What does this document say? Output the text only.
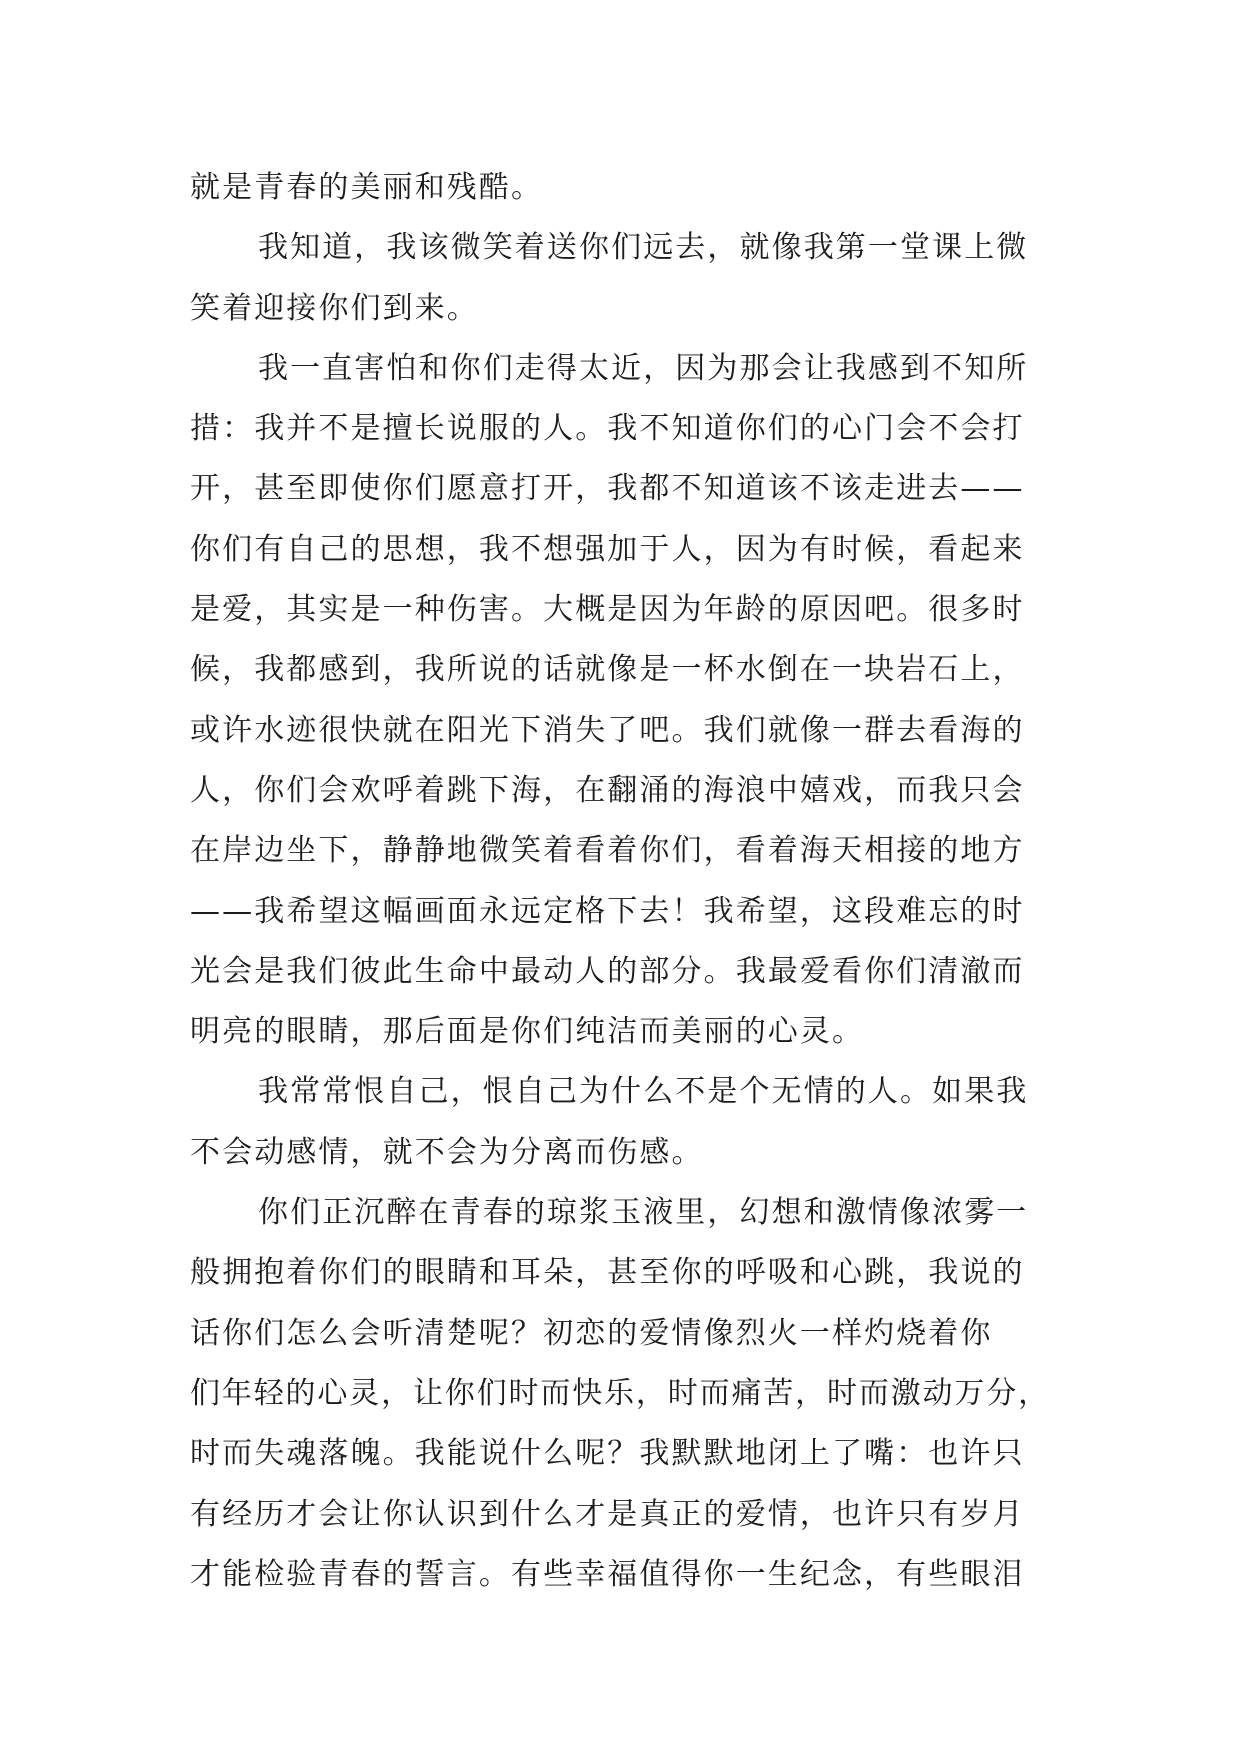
就是青春的美丽和残酷。
我知道，我该微笑着送你们远去，就像我第一堂课上微
笑着迎接你们到来。
我一直害怕和你们走得太近，因为那会让我感到不知所
措：我并不是擅长说服的人。我不知道你们的心门会不会打
开，甚至即使你们愿意打开，我都不知道该不该走进去——
你们有自己的思想，我不想强加于人，因为有时候，看起来
是爱，其实是一种伤害。大概是因为年龄的原因吧。很多时
候，我都感到，我所说的话就像是一杯水倒在一块岩石上，
或许水迹很快就在阳光下消失了吧。我们就像一群去看海的
人，你们会欢呼着跳下海，在翻涌的海浪中嬉戏，而我只会
在岸边坐下，静静地微笑着看着你们，看着海天相接的地方
——我希望这幅画面永远定格下去！我希望，这段难忘的时
光会是我们彼此生命中最动人的部分。我最爱看你们清澈而
明亮的眼睛，那后面是你们纯洁而美丽的心灵。
我常常恨自己，恨自己为什么不是个无情的人。如果我
不会动感情，就不会为分离而伤感。
你们正沉醉在青春的琼浆玉液里，幻想和激情像浓雾一
般拥抱着你们的眼睛和耳朵，甚至你的呼吸和心跳，我说的
话你们怎么会听清楚呢？初恋的爱情像烈火一样灼烧着你
们年轻的心灵，让你们时而快乐，时而痛苦，时而激动万分，
时而失魂落魄。我能说什么呢？我默默地闭上了嘴：也许只
有经历才会让你认识到什么才是真正的爱情，也许只有岁月
才能检验青春的誓言。有些幸福值得你一生纪念，有些眼泪
